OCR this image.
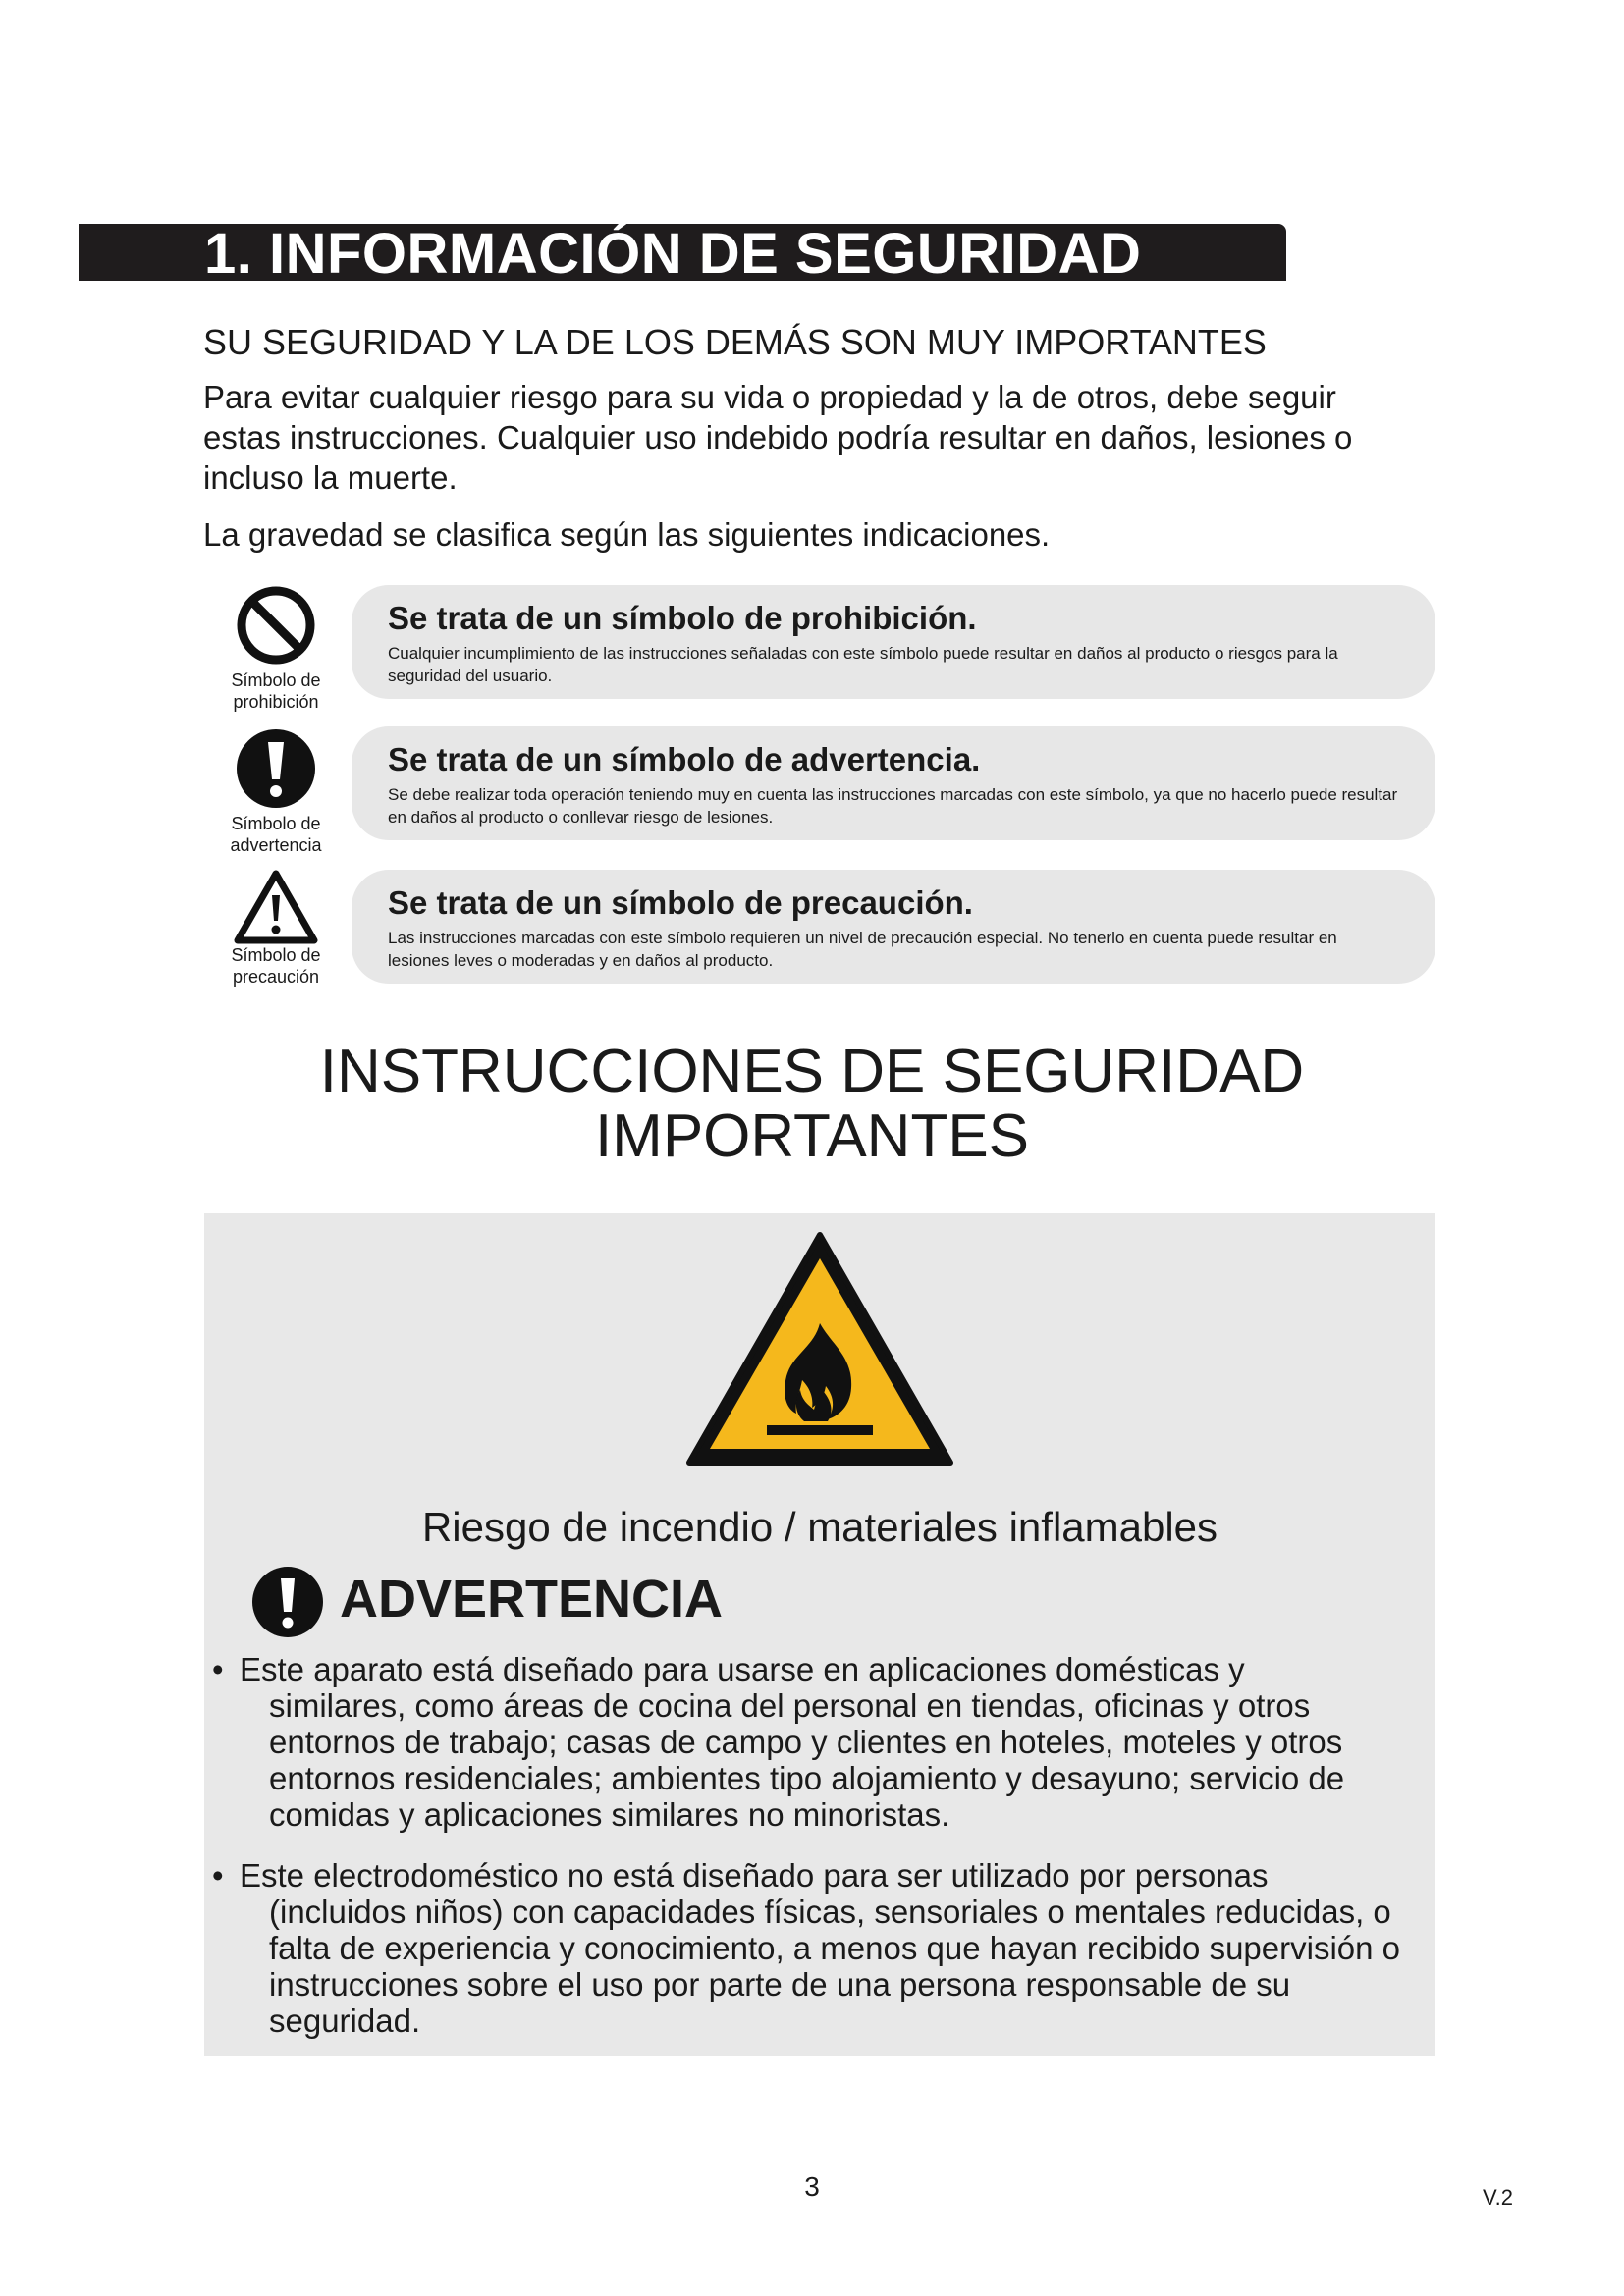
1. INFORMACIÓN DE SEGURIDAD
SU SEGURIDAD Y LA DE LOS DEMÁS SON MUY IMPORTANTES
Para evitar cualquier riesgo para su vida o propiedad y la de otros, debe seguir estas instrucciones. Cualquier uso indebido podría resultar en daños, lesiones o incluso la muerte.
La gravedad se clasifica según las siguientes indicaciones.
Símbolo de
prohibición
Se trata de un símbolo de prohibición.
Cualquier incumplimiento de las instrucciones señaladas con este símbolo puede resultar en daños al producto o riesgos para la seguridad del usuario.
Símbolo de
advertencia
Se trata de un símbolo de advertencia.
Se debe realizar toda operación teniendo muy en cuenta las instrucciones marcadas con este símbolo, ya que no hacerlo puede resultar en daños al producto o conllevar riesgo de lesiones.
Símbolo de
precaución
Se trata de un símbolo de precaución.
Las instrucciones marcadas con este símbolo requieren un nivel de precaución especial. No tenerlo en cuenta puede resultar en lesiones leves o moderadas y en daños al producto.
INSTRUCCIONES DE SEGURIDAD
IMPORTANTES
Riesgo de incendio / materiales inflamables
ADVERTENCIA
• Este aparato está diseñado para usarse en aplicaciones domésticas y
similares, como áreas de cocina del personal en tiendas, oficinas y otros entornos de trabajo; casas de campo y clientes en hoteles, moteles y otros entornos residenciales; ambientes tipo alojamiento y desayuno; servicio de comidas y aplicaciones similares no minoristas.
• Este electrodoméstico no está diseñado para ser utilizado por personas
(incluidos niños) con capacidades físicas, sensoriales o mentales reducidas, o falta de experiencia y conocimiento, a menos que hayan recibido supervisión o instrucciones sobre el uso por parte de una persona responsable de su seguridad.
3	V.2
